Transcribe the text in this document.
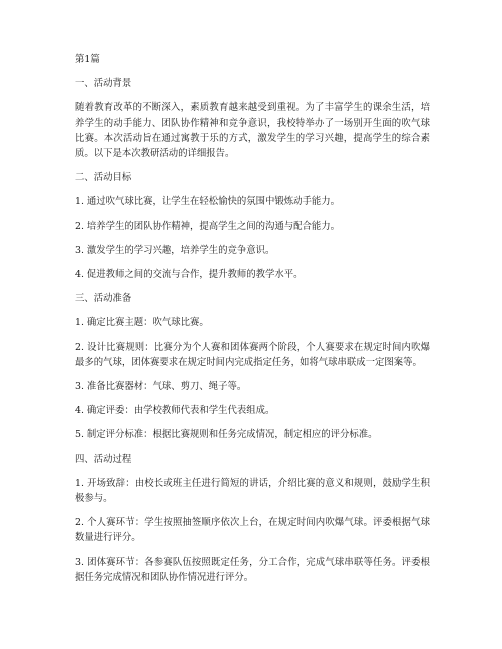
第1篇
一、活动背景
随着教育改革的不断深入，素质教育越来越受到重视。为了丰富学生的课余生活，培养学生的动手能力、团队协作精神和竞争意识，我校特举办了一场别开生面的吹气球比赛。本次活动旨在通过寓教于乐的方式，激发学生的学习兴趣，提高学生的综合素质。以下是本次教研活动的详细报告。
二、活动目标
1. 通过吹气球比赛，让学生在轻松愉快的氛围中锻炼动手能力。
2. 培养学生的团队协作精神，提高学生之间的沟通与配合能力。
3. 激发学生的学习兴趣，培养学生的竞争意识。
4. 促进教师之间的交流与合作，提升教师的教学水平。
三、活动准备
1. 确定比赛主题：吹气球比赛。
2. 设计比赛规则：比赛分为个人赛和团体赛两个阶段，个人赛要求在规定时间内吹爆最多的气球，团体赛要求在规定时间内完成指定任务，如将气球串联成一定图案等。
3. 准备比赛器材：气球、剪刀、绳子等。
4. 确定评委：由学校教师代表和学生代表组成。
5. 制定评分标准：根据比赛规则和任务完成情况，制定相应的评分标准。
四、活动过程
1. 开场致辞：由校长或班主任进行简短的讲话，介绍比赛的意义和规则，鼓励学生积极参与。
2. 个人赛环节：学生按照抽签顺序依次上台，在规定时间内吹爆气球。评委根据气球数量进行评分。
3. 团体赛环节：各参赛队伍按照既定任务，分工合作，完成气球串联等任务。评委根据任务完成情况和团队协作情况进行评分。
